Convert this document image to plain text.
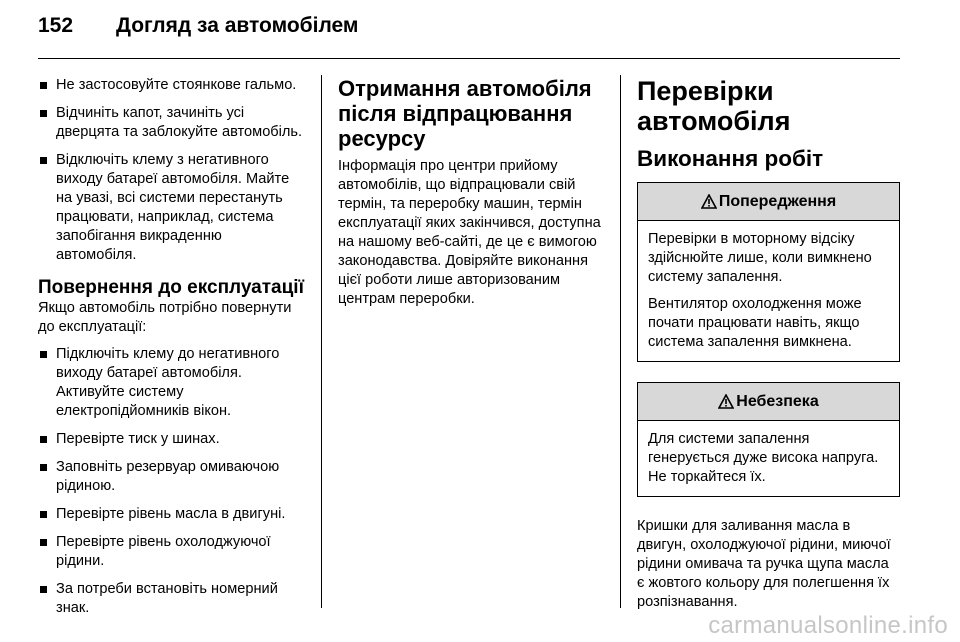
152 Догляд за автомобілем
Не застосовуйте стоянкове гальмо.
Відчиніть капот, зачиніть усі дверцята та заблокуйте автомобіль.
Відключіть клему з негативного виходу батареї автомобіля. Майте на увазі, всі системи перестануть працювати, наприклад, система запобігання викраденню автомобіля.
Повернення до експлуатації
Якщо автомобіль потрібно повернути до експлуатації:
Підключіть клему до негативного виходу батареї автомобіля. Активуйте систему електропідйомників вікон.
Перевірте тиск у шинах.
Заповніть резервуар омиваючою рідиною.
Перевірте рівень масла в двигуні.
Перевірте рівень охолоджуючої рідини.
За потреби встановіть номерний знак.
Отримання автомобіля після відпрацювання ресурсу
Інформація про центри прийому автомобілів, що відпрацювали свій термін, та переробку машин, термін експлуатації яких закінчився, доступна на нашому веб-сайті, де це є вимогою законодавства. Довіряйте виконання цієї роботи лише авторизованим центрам переробки.
Перевірки автомобіля
Виконання робіт
Попередження

Перевірки в моторному відсіку здійснюйте лише, коли вимкнено систему запалення.

Вентилятор охолодження може почати працювати навіть, якщо система запалення вимкнена.

Небезпека

Для системи запалення генерується дуже висока напруга. Не торкайтеся їх.

Кришки для заливання масла в двигун, охолоджуючої рідини, миючої рідини омивача та ручка щупа масла є жовтого кольору для полегшення їх розпізнавання.
carmanualsonline.info
